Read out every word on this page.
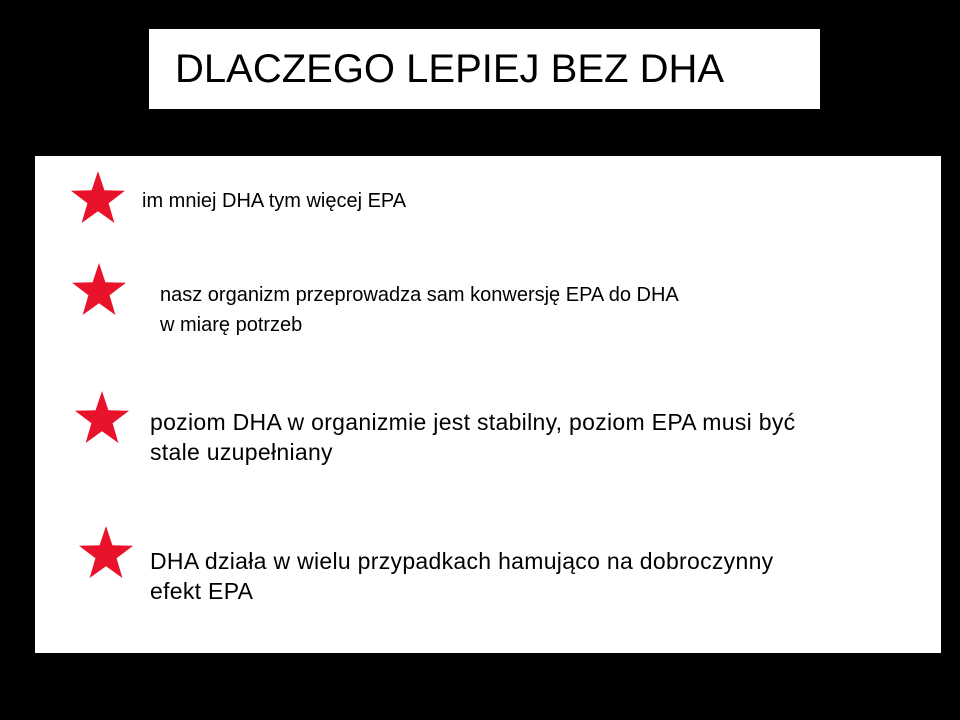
DLACZEGO LEPIEJ BEZ DHA
im mniej DHA tym więcej EPA
nasz organizm przeprowadza sam konwersję EPA do DHA
w miarę potrzeb
poziom DHA w organizmie jest stabilny, poziom EPA musi być
stale uzupełniany
DHA działa w wielu przypadkach hamująco na dobroczynny
efekt EPA
